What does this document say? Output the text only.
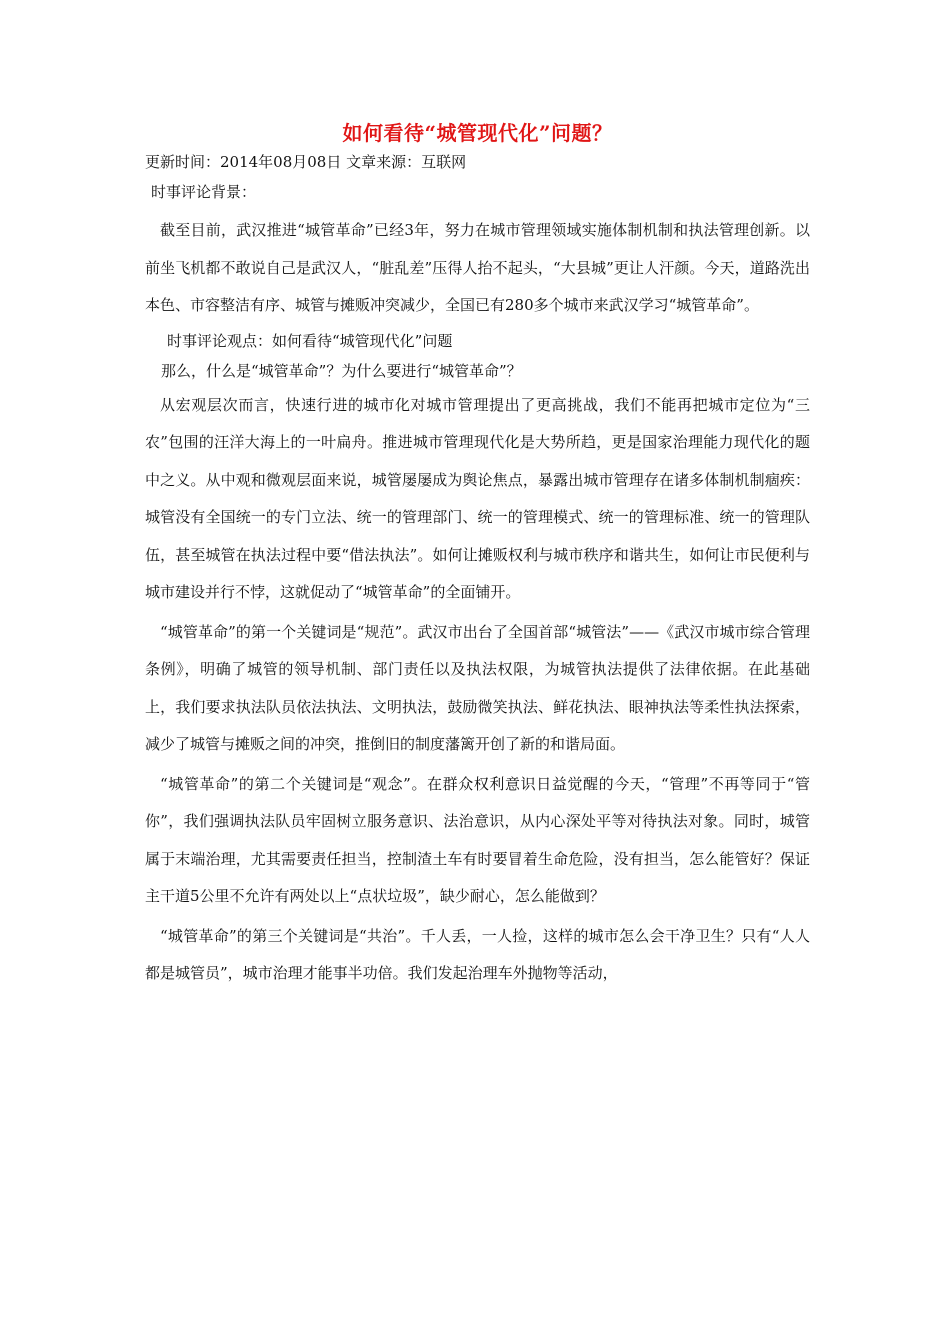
如何看待“城管现代化”问题？
更新时间：2014年08月08日 文章来源：互联网
时事评论背景：

截至目前，武汉推进“城管革命”已经3年，努力在城市管理领域实施体制机制和执法管理创新。以前坐飞机都不敢说自己是武汉人，“脏乱差”压得人抬不起头，“大县城”更让人汗颜。今天，道路洗出本色、市容整洁有序、城管与摊贩冲突减少，全国已有280多个城市来武汉学习“城管革命”。

时事评论观点：如何看待“城管现代化”问题
那么，什么是“城管革命”？为什么要进行“城管革命”？

从宏观层次而言，快速行进的城市化对城市管理提出了更高挑战，我们不能再把城市定位为“三农”包围的汪洋大海上的一叶扁舟。推进城市管理现代化是大势所趋，更是国家治理能力现代化的题中之义。从中观和微观层面来说，城管屡屡成为舆论焦点，暴露出城市管理存在诸多体制机制痼疾：城管没有全国统一的专门立法、统一的管理部门、统一的管理模式、统一的管理标准、统一的管理队伍，甚至城管在执法过程中要“借法执法”。如何让摊贩权利与城市秩序和谐共生，如何让市民便利与城市建设并行不悖，这就促动了“城管革命”的全面铺开。

“城管革命”的第一个关键词是“规范”。武汉市出台了全国首部“城管法”——《武汉市城市综合管理条例》，明确了城管的领导机制、部门责任以及执法权限，为城管执法提供了法律依据。在此基础上，我们要求执法队员依法执法、文明执法，鼓励微笑执法、鲜花执法、眼神执法等柔性执法探索，减少了城管与摊贩之间的冲突，推倒旧的制度藩篱开创了新的和谐局面。

“城管革命”的第二个关键词是“观念”。在群众权利意识日益觉醒的今天，“管理”不再等同于“管你”，我们强调执法队员牢固树立服务意识、法治意识，从内心深处平等对待执法对象。同时，城管属于末端治理，尤其需要责任担当，控制渣土车有时要冒着生命危险，没有担当，怎么能管好？保证主干道5公里不允许有两处以上“点状垃圾”，缺少耐心，怎么能做到？

“城管革命”的第三个关键词是“共治”。千人丢，一人捡，这样的城市怎么会干净卫生？只有“人人都是城管员”，城市治理才能事半功倍。我们发起治理车外抛物等活动，
